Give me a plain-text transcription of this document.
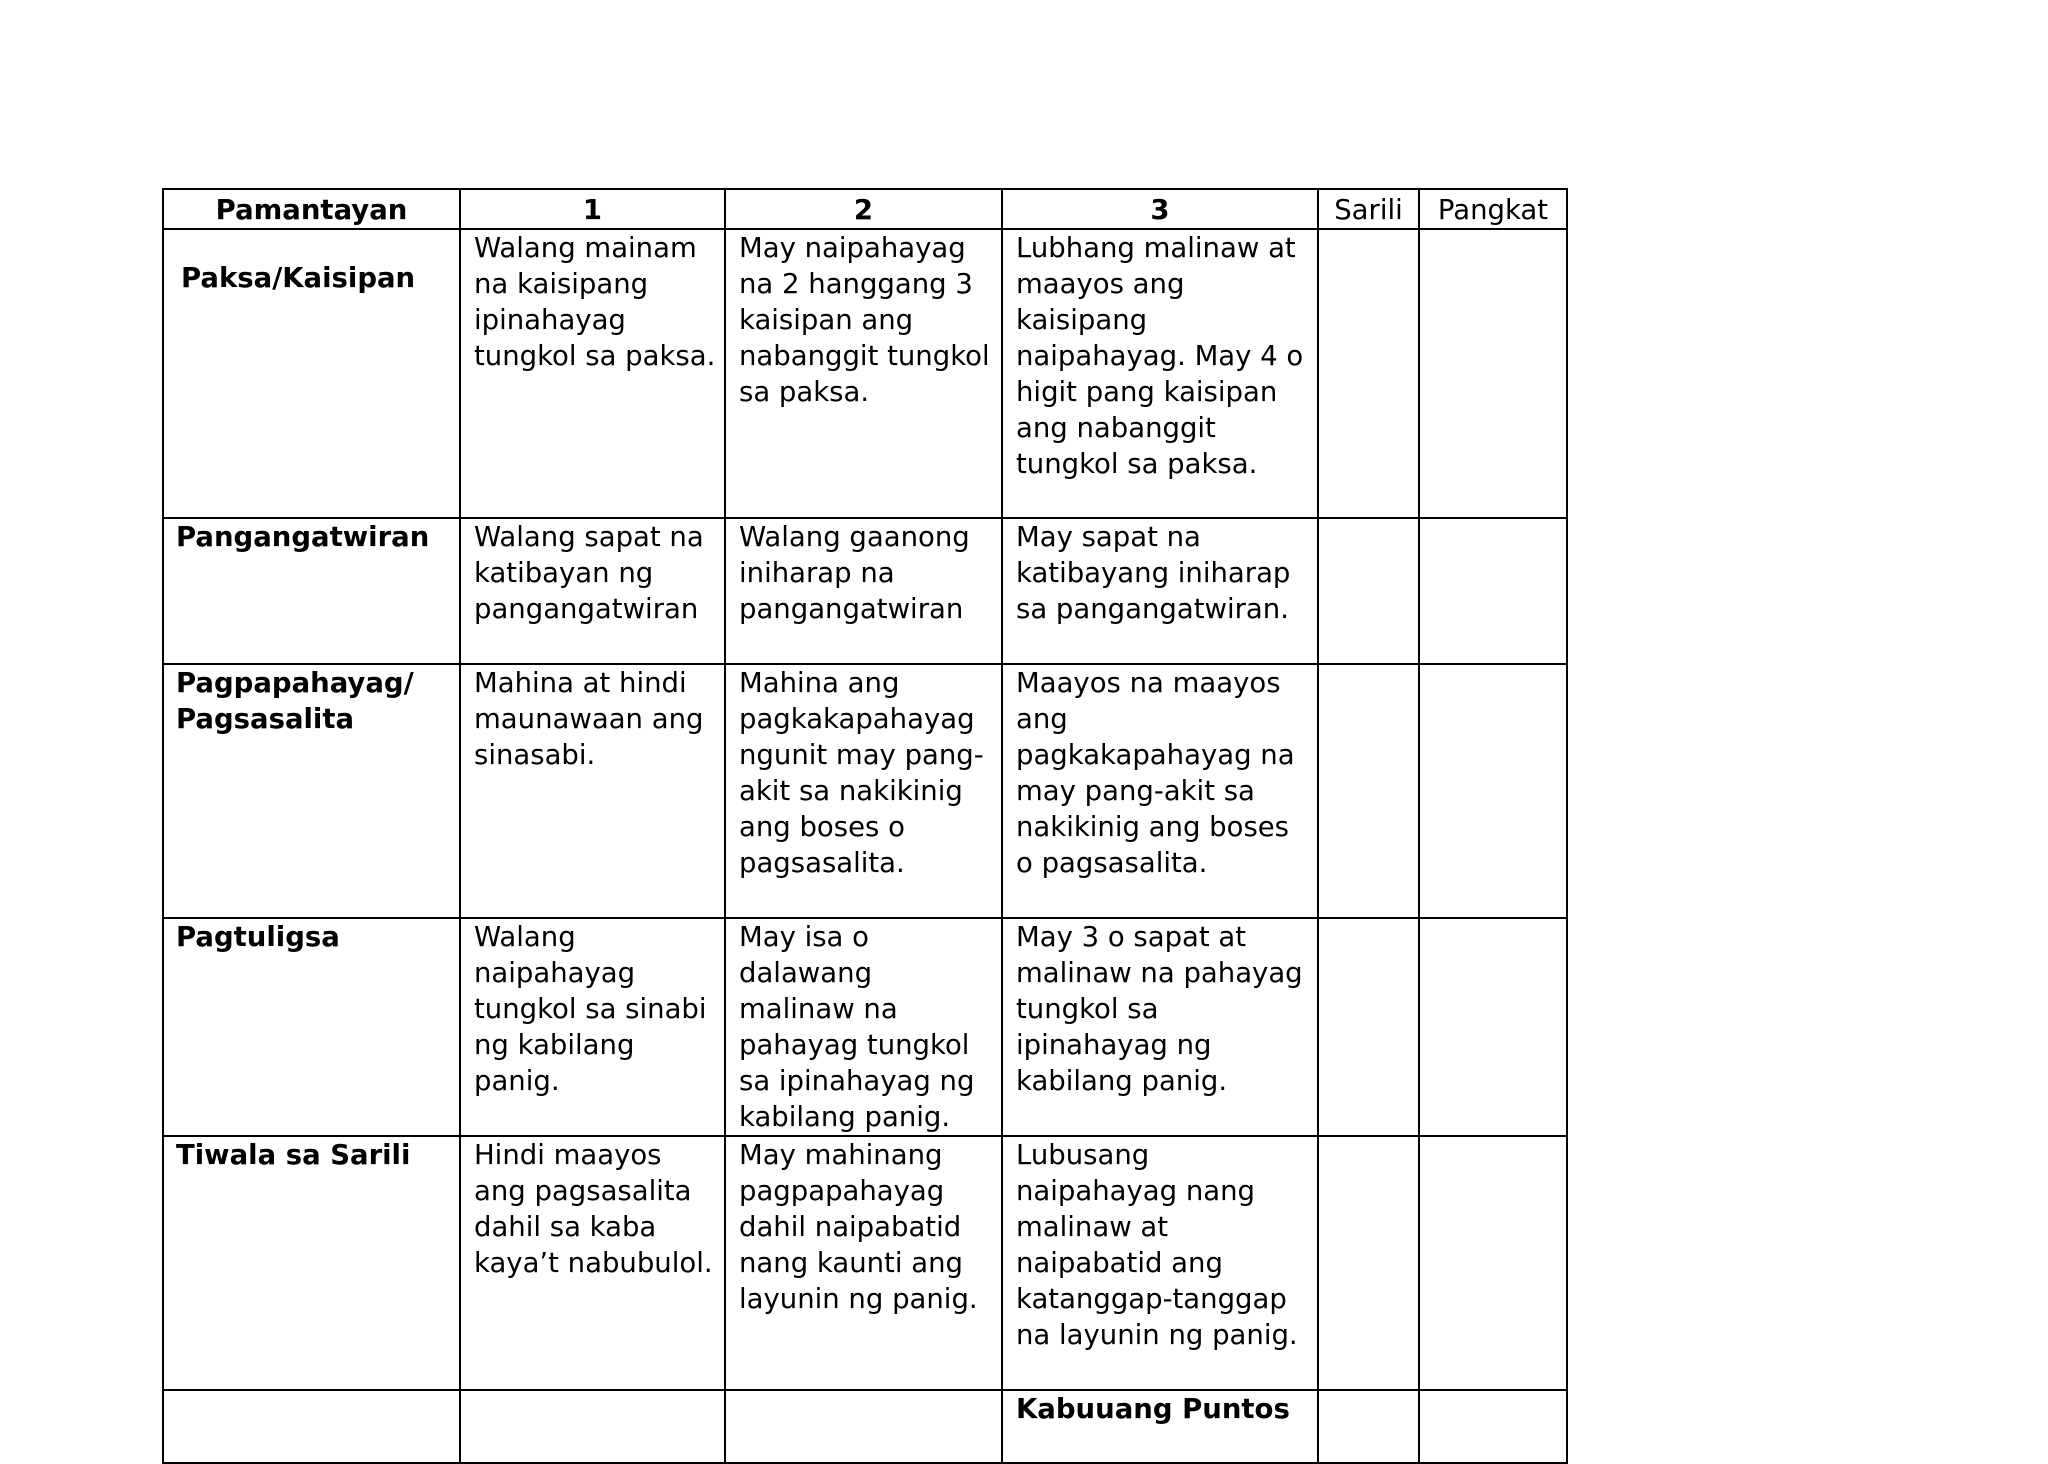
Pamantayan	1	2	3	Sarili	Pangkat
Paksa/Kaisipan	Walang mainam na kaisipang ipinahayag tungkol sa paksa.	May naipahayag na 2 hanggang 3 kaisipan ang nabanggit tungkol sa paksa.	Lubhang malinaw at maayos ang kaisipang naipahayag. May 4 o higit pang kaisipan ang nabanggit tungkol sa paksa.		
Pangangatwiran	Walang sapat na katibayan ng pangangatwiran	Walang gaanong iniharap na pangangatwiran	May sapat na katibayang iniharap sa pangangatwiran.		
Pagpapahayag/ Pagsasalita	Mahina at hindi maunawaan ang sinasabi.	Mahina ang pagkakapahayag ngunit may pang-akit sa nakikinig ang boses o pagsasalita.	Maayos na maayos ang pagkakapahayag na may pang-akit sa nakikinig ang boses o pagsasalita.		
Pagtuligsa	Walang naipahayag tungkol sa sinabi ng kabilang panig.	May isa o dalawang malinaw na pahayag tungkol sa ipinahayag ng kabilang panig.	May 3 o sapat at malinaw na pahayag tungkol sa ipinahayag ng kabilang panig.		
Tiwala sa Sarili	Hindi maayos ang pagsasalita dahil sa kaba kaya’t nabubulol.	May mahinang pagpapahayag dahil naipabatid nang kaunti ang layunin ng panig.	Lubusang naipahayag nang malinaw at naipabatid ang katanggap-tanggap na layunin ng panig.		
			Kabuuang Puntos		
